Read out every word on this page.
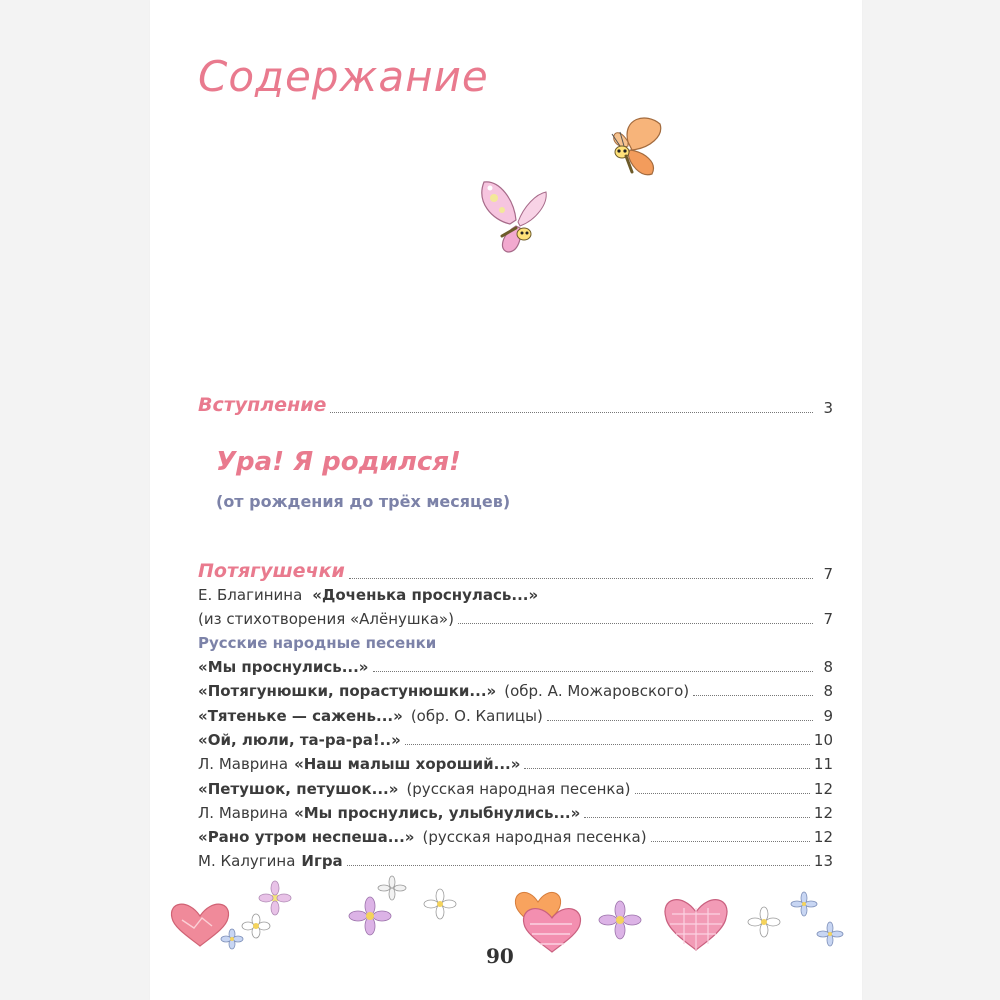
Содержание
Вступление	3
Ура! Я родился!
(от рождения до трёх месяцев)
Потягушечки	7
Е. Благинина «Доченька проснулась...»
(из стихотворения «Алёнушка»)	7
Русские народные песенки
«Мы проснулись...»	8
«Потягунюшки, порастунюшки...» (обр. А. Можаровского)	8
«Тятеньке — сажень...» (обр. О. Капицы)	9
«Ой, люли, та-ра-ра!..»	10
Л. Маврина «Наш малыш хороший...»	11
«Петушок, петушок...» (русская народная песенка)	12
Л. Маврина «Мы проснулись, улыбнулись...»	12
«Рано утром неспеша...» (русская народная песенка)	12
М. Калугина Игра	13
90
